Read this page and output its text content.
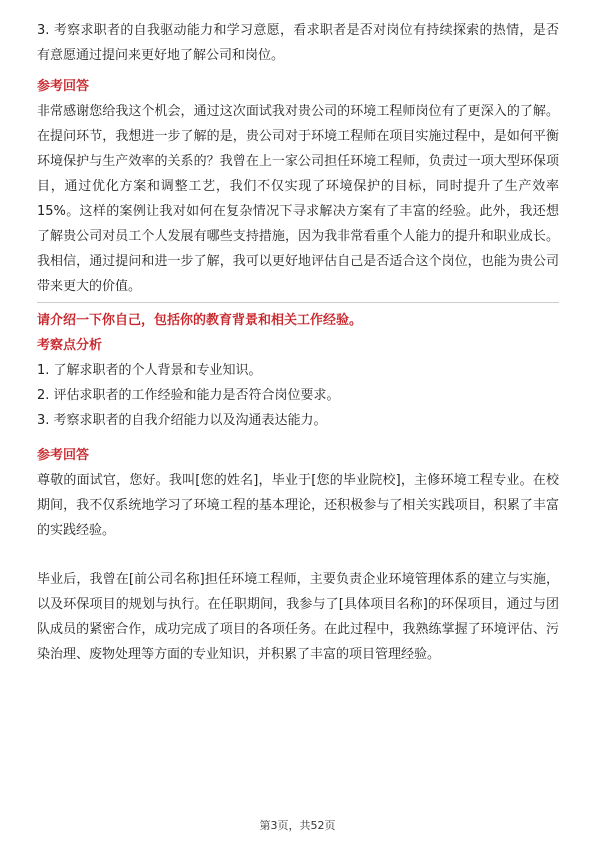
3. 考察求职者的自我驱动能力和学习意愿，看求职者是否对岗位有持续探索的热情，是否有意愿通过提问来更好地了解公司和岗位。

参考回答

非常感谢您给我这个机会，通过这次面试我对贵公司的环境工程师岗位有了更深入的了解。在提问环节，我想进一步了解的是，贵公司对于环境工程师在项目实施过程中，是如何平衡环境保护与生产效率的关系的？我曾在上一家公司担任环境工程师，负责过一项大型环保项目，通过优化方案和调整工艺，我们不仅实现了环境保护的目标，同时提升了生产效率15%。这样的案例让我对如何在复杂情况下寻求解决方案有了丰富的经验。此外，我还想了解贵公司对员工个人发展有哪些支持措施，因为我非常看重个人能力的提升和职业成长。我相信，通过提问和进一步了解，我可以更好地评估自己是否适合这个岗位，也能为贵公司带来更大的价值。

请介绍一下你自己，包括你的教育背景和相关工作经验。
考察点分析

1. 了解求职者的个人背景和专业知识。

2. 评估求职者的工作经验和能力是否符合岗位要求。

3. 考察求职者的自我介绍能力以及沟通表达能力。

参考回答

尊敬的面试官，您好。我叫[您的姓名]，毕业于[您的毕业院校]，主修环境工程专业。在校期间，我不仅系统地学习了环境工程的基本理论，还积极参与了相关实践项目，积累了丰富的实践经验。

毕业后，我曾在[前公司名称]担任环境工程师，主要负责企业环境管理体系的建立与实施，以及环保项目的规划与执行。在任职期间，我参与了[具体项目名称]的环保项目，通过与团队成员的紧密合作，成功完成了项目的各项任务。在此过程中，我熟练掌握了环境评估、污染治理、废物处理等方面的专业知识，并积累了丰富的项目管理经验。

第3页，共52页
